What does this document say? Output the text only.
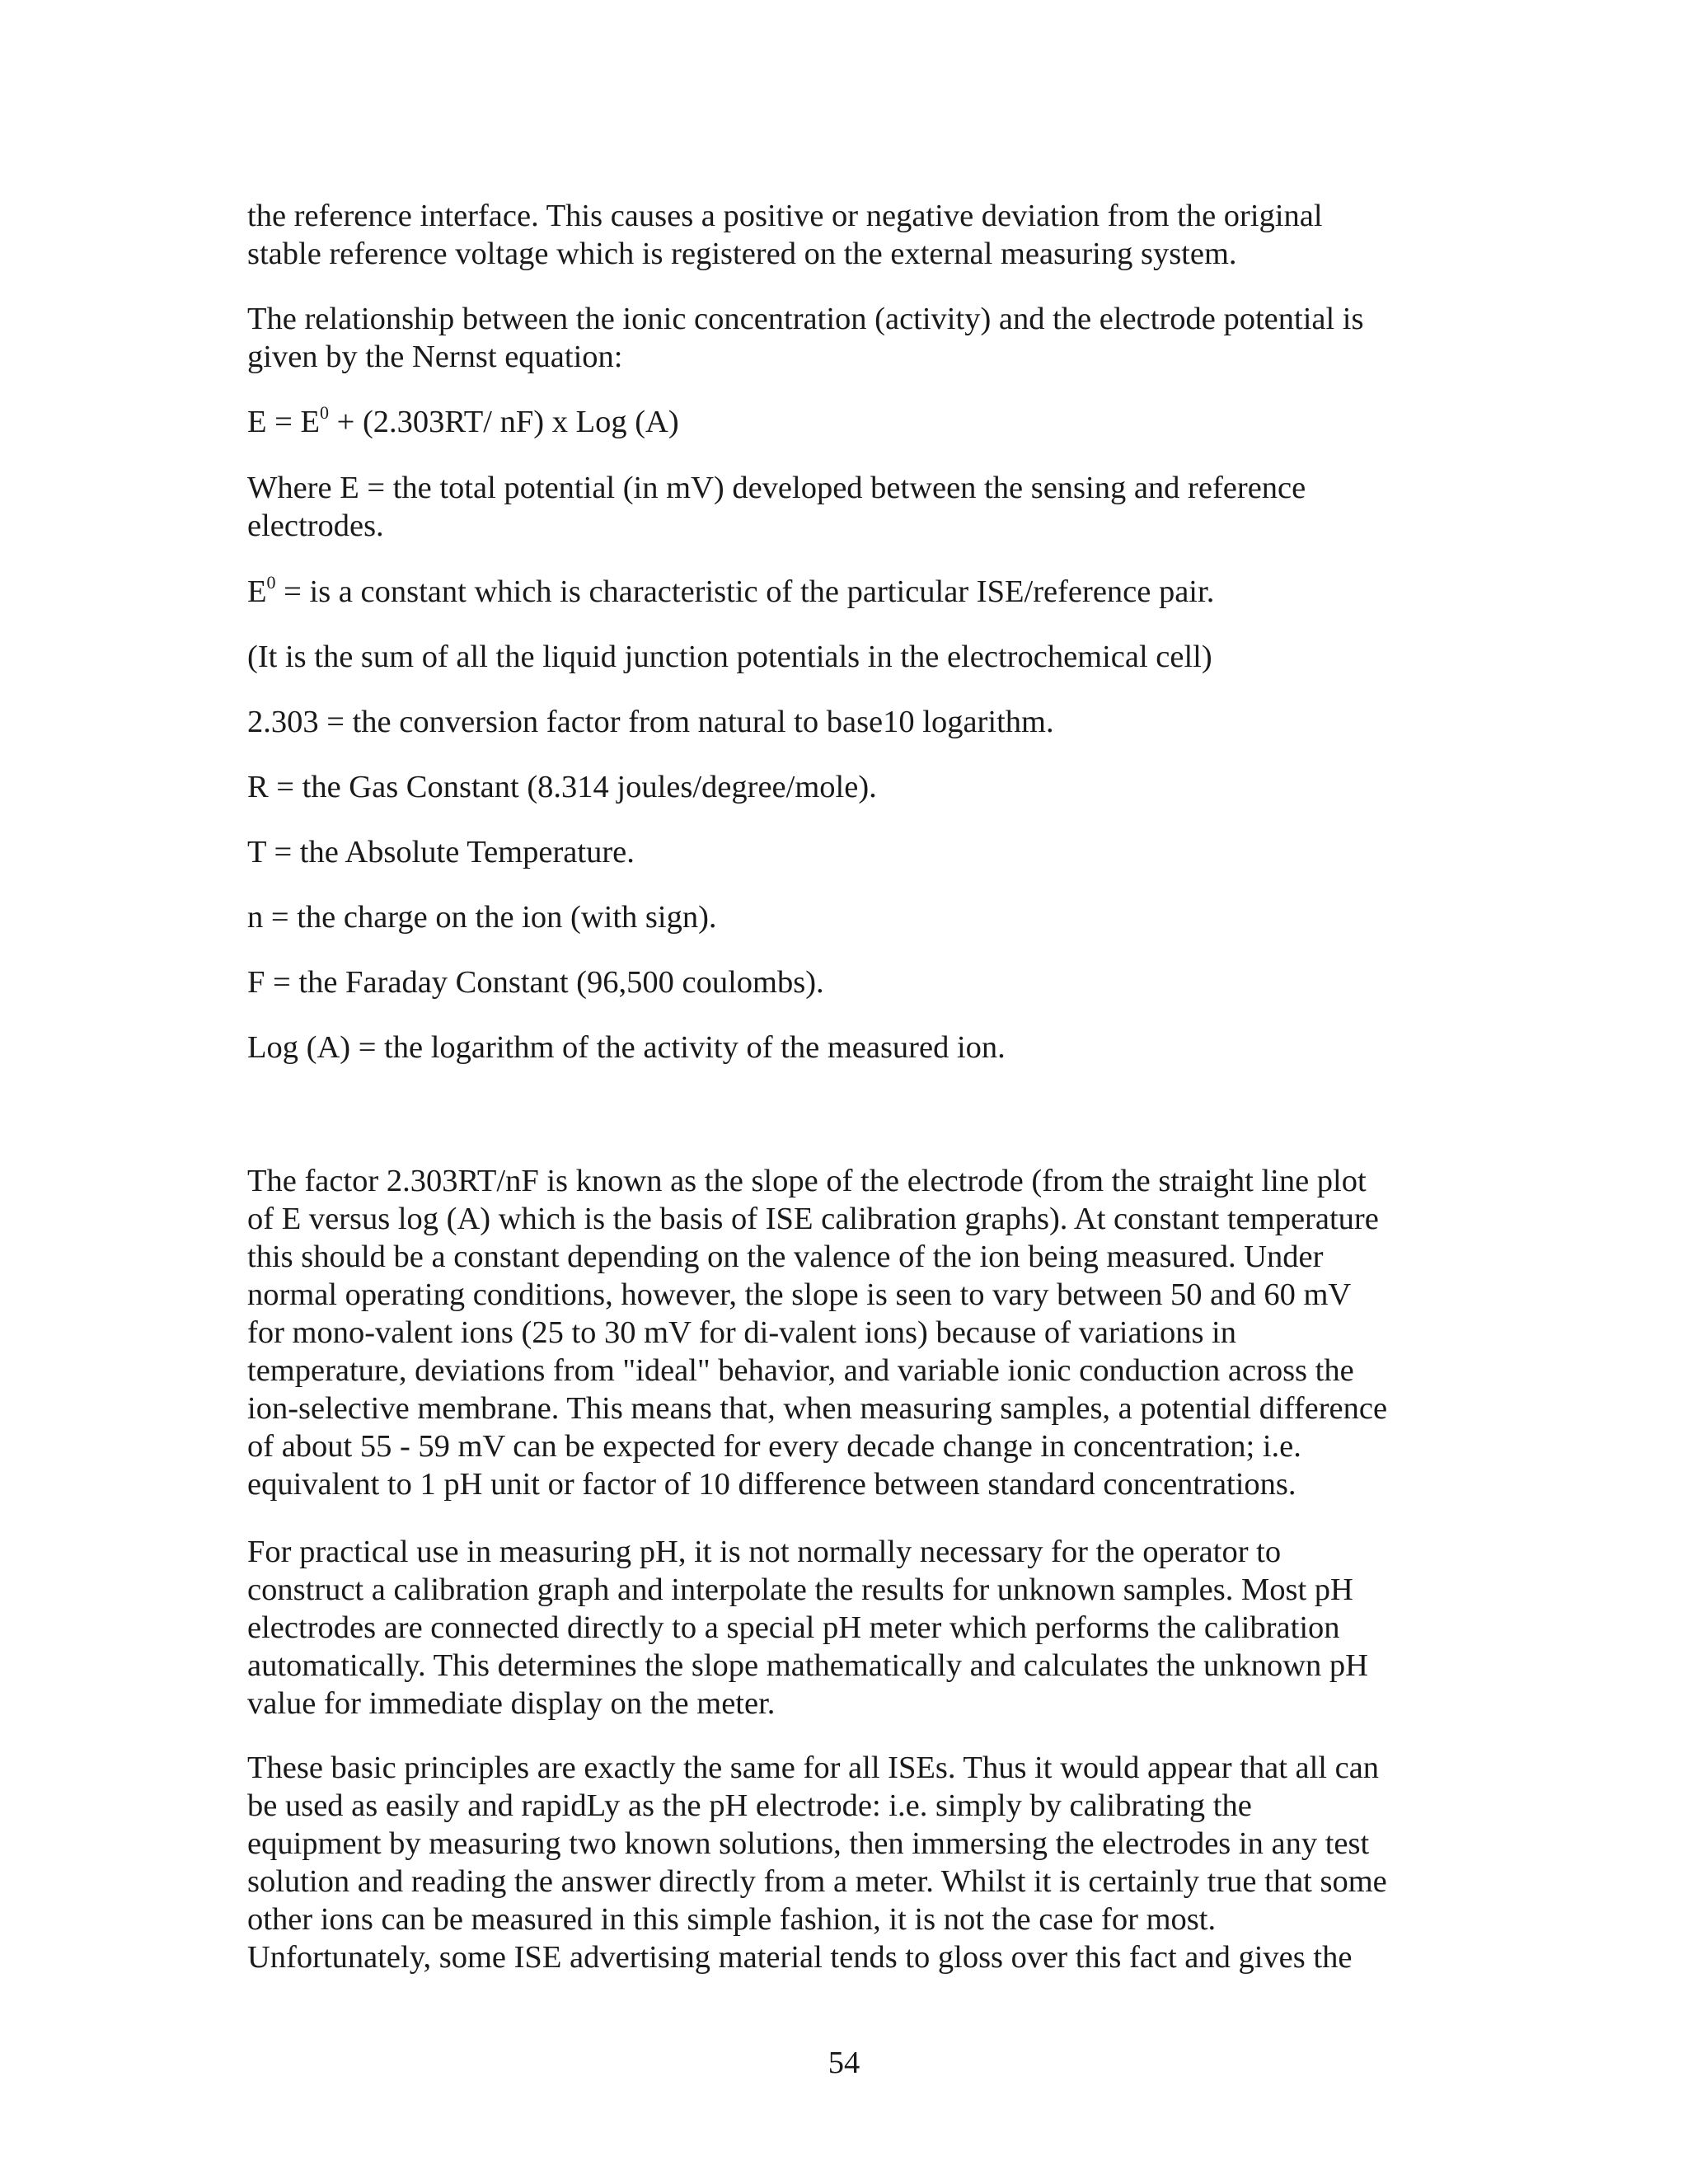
the reference interface. This causes a positive or negative deviation from the original
stable reference voltage which is registered on the external measuring system.

The relationship between the ionic concentration (activity) and the electrode potential is
given by the Nernst equation:

$E = E^0 + (2.303RT/$ nF) x Log (A)

Where E = the total potential (in mV) developed between the sensing and reference
electrodes.

$E^0$ = is a constant which is characteristic of the particular ISE/reference pair.

(It is the sum of all the liquid junction potentials in the electrochemical cell)

2.303 = the conversion factor from natural to base10 logarithm.

R = the Gas Constant (8.314 joules/degree/mole).

T = the Absolute Temperature.

n = the charge on the ion (with sign).

F = the Faraday Constant (96,500 coulombs).

Log (A) = the logarithm of the activity of the measured ion.

The factor 2.303RT/nF is known as the slope of the electrode (from the straight line plot
of E versus log (A) which is the basis of ISE calibration graphs). At constant temperature
this should be a constant depending on the valence of the ion being measured. Under
normal operating conditions, however, the slope is seen to vary between 50 and 60 mV
for mono-valent ions (25 to 30 mV for di-valent ions) because of variations in
temperature, deviations from "ideal" behavior, and variable ionic conduction across the
ion-selective membrane. This means that, when measuring samples, a potential difference
of about 55 - 59 mV can be expected for every decade change in concentration; i.e.
equivalent to 1 pH unit or factor of 10 difference between standard concentrations.

For practical use in measuring pH, it is not normally necessary for the operator to
construct a calibration graph and interpolate the results for unknown samples. Most pH
electrodes are connected directly to a special pH meter which performs the calibration
automatically. This determines the slope mathematically and calculates the unknown pH
value for immediate display on the meter.

These basic principles are exactly the same for all ISEs. Thus it would appear that all can
be used as easily and rapidLy as the pH electrode: i.e. simply by calibrating the
equipment by measuring two known solutions, then immersing the electrodes in any test
solution and reading the answer directly from a meter. Whilst it is certainly true that some
other ions can be measured in this simple fashion, it is not the case for most.
Unfortunately, some ISE advertising material tends to gloss over this fact and gives the

54
